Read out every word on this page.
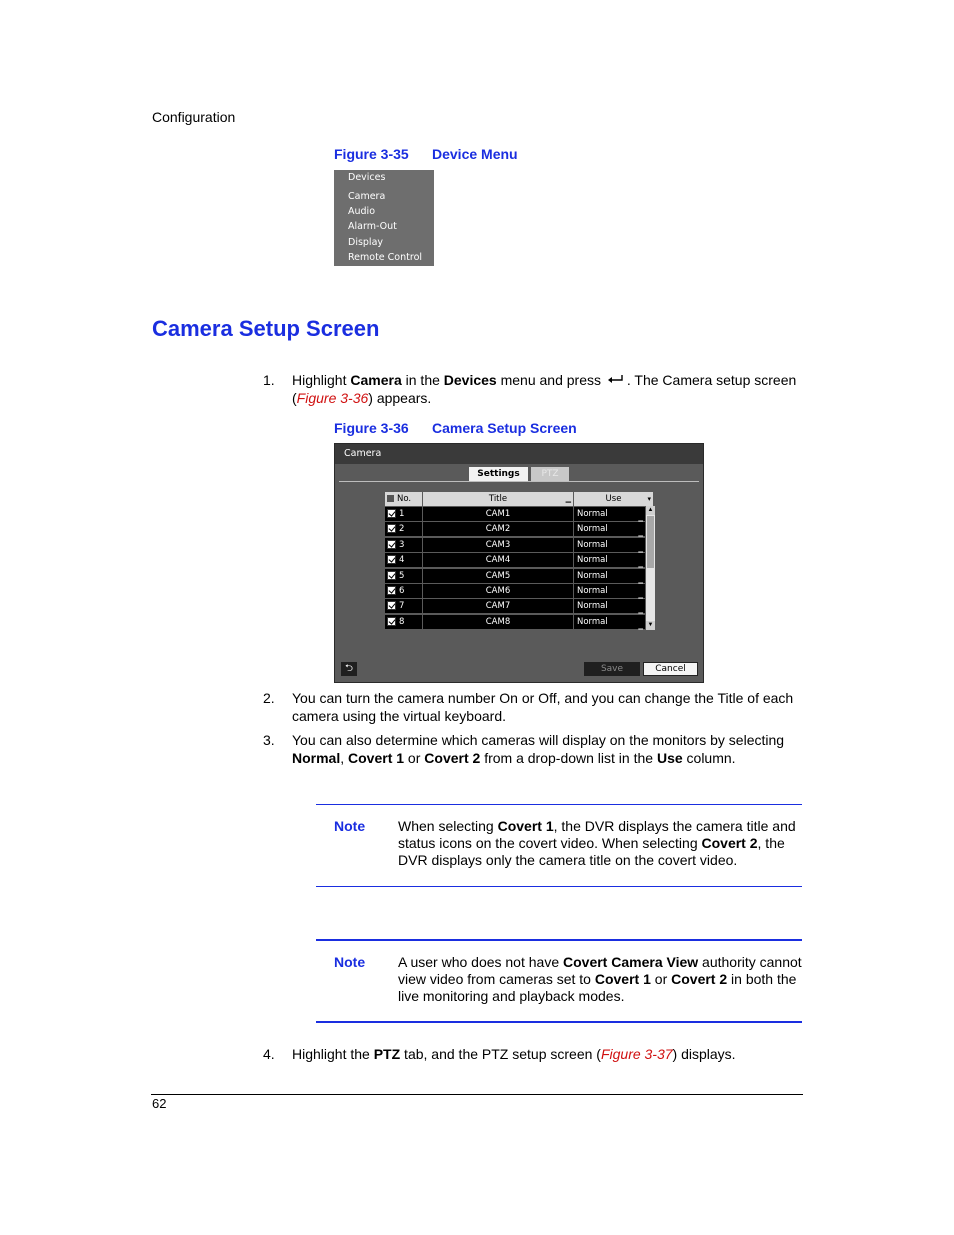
Configuration
Figure 3-35 Device Menu
Devices
Camera
Audio
Alarm-Out
Display
Remote Control
Camera Setup Screen
1. Highlight Camera in the Devices menu and press . The Camera setup screen (Figure 3-36) appears.
Figure 3-36 Camera Setup Screen
Camera
Settings	PTZ
No.	Title	▁	Use	▾
1	CAM1	Normal	▁
2	CAM2	Normal	▁
3	CAM3	Normal	▁
4	CAM4	Normal	▁
5	CAM5	Normal	▁
6	CAM6	Normal	▁
7	CAM7	Normal	▁
8	CAM8	Normal	▁
▲
▼
⮌	Save	Cancel
2. You can turn the camera number On or Off, and you can change the Title of each camera using the virtual keyboard.
3. You can also determine which cameras will display on the monitors by selecting Normal, Covert 1 or Covert 2 from a drop-down list in the Use column.
Note When selecting Covert 1, the DVR displays the camera title and status icons on the covert video. When selecting Covert 2, the DVR displays only the camera title on the covert video.
Note A user who does not have Covert Camera View authority cannot view video from cameras set to Covert 1 or Covert 2 in both the live monitoring and playback modes.
4. Highlight the PTZ tab, and the PTZ setup screen (Figure 3-37) displays.
62
